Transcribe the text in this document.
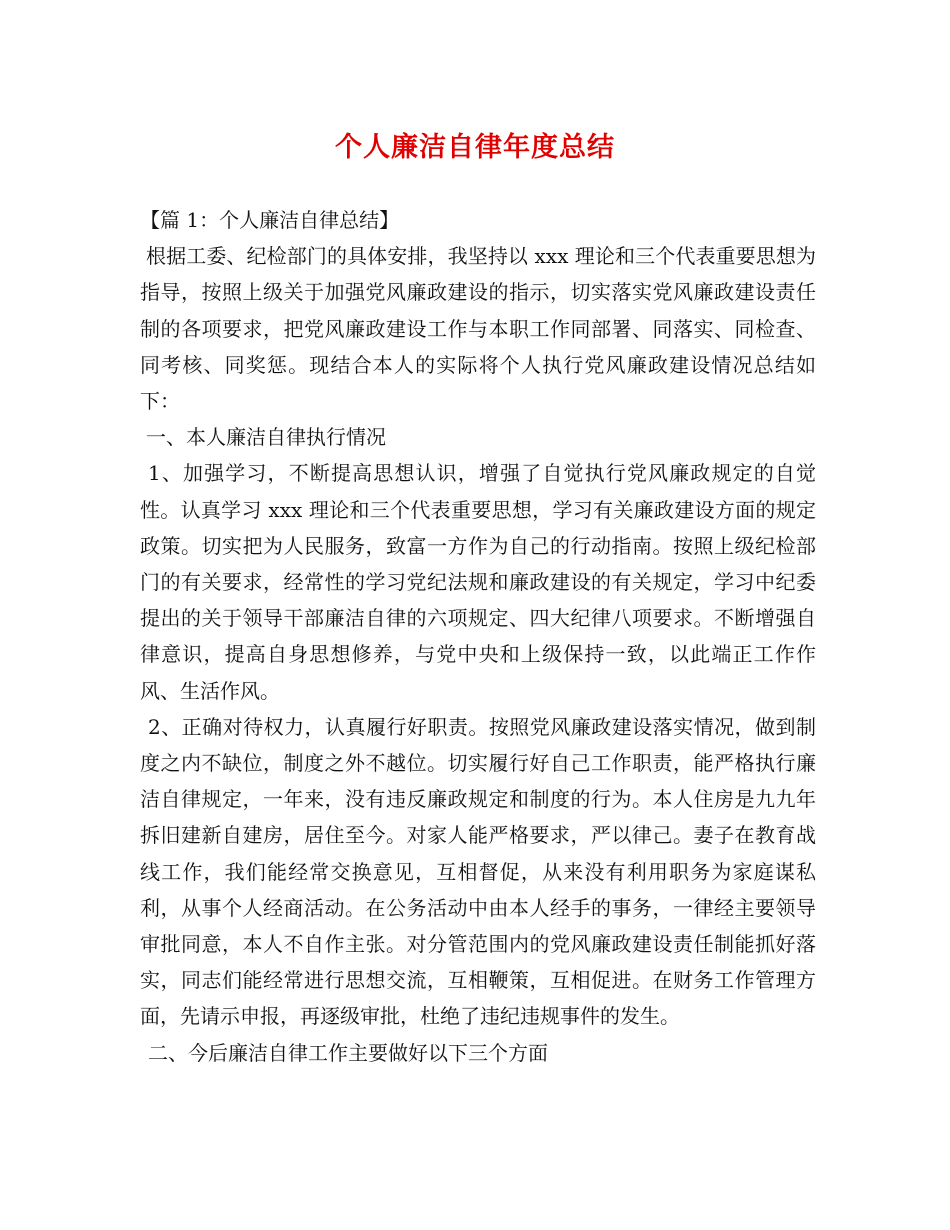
个人廉洁自律年度总结

【篇 1：个人廉洁自律总结】

根据工委、纪检部门的具体安排，我坚持以 xxx 理论和三个代表重要思想为指导，按照上级关于加强党风廉政建设的指示，切实落实党风廉政建设责任制的各项要求，把党风廉政建设工作与本职工作同部署、同落实、同检查、同考核、同奖惩。现结合本人的实际将个人执行党风廉政建设情况总结如下：

一、本人廉洁自律执行情况

1、加强学习，不断提高思想认识，增强了自觉执行党风廉政规定的自觉性。认真学习 xxx 理论和三个代表重要思想，学习有关廉政建设方面的规定政策。切实把为人民服务，致富一方作为自己的行动指南。按照上级纪检部门的有关要求，经常性的学习党纪法规和廉政建设的有关规定，学习中纪委提出的关于领导干部廉洁自律的六项规定、四大纪律八项要求。不断增强自律意识，提高自身思想修养，与党中央和上级保持一致，以此端正工作作风、生活作风。

2、正确对待权力，认真履行好职责。按照党风廉政建设落实情况，做到制度之内不缺位，制度之外不越位。切实履行好自己工作职责，能严格执行廉洁自律规定，一年来，没有违反廉政规定和制度的行为。本人住房是九九年拆旧建新自建房，居住至今。对家人能严格要求，严以律己。妻子在教育战线工作，我们能经常交换意见，互相督促，从来没有利用职务为家庭谋私利，从事个人经商活动。在公务活动中由本人经手的事务，一律经主要领导审批同意，本人不自作主张。对分管范围内的党风廉政建设责任制能抓好落实，同志们能经常进行思想交流，互相鞭策，互相促进。在财务工作管理方面，先请示申报，再逐级审批，杜绝了违纪违规事件的发生。

二、今后廉洁自律工作主要做好以下三个方面
